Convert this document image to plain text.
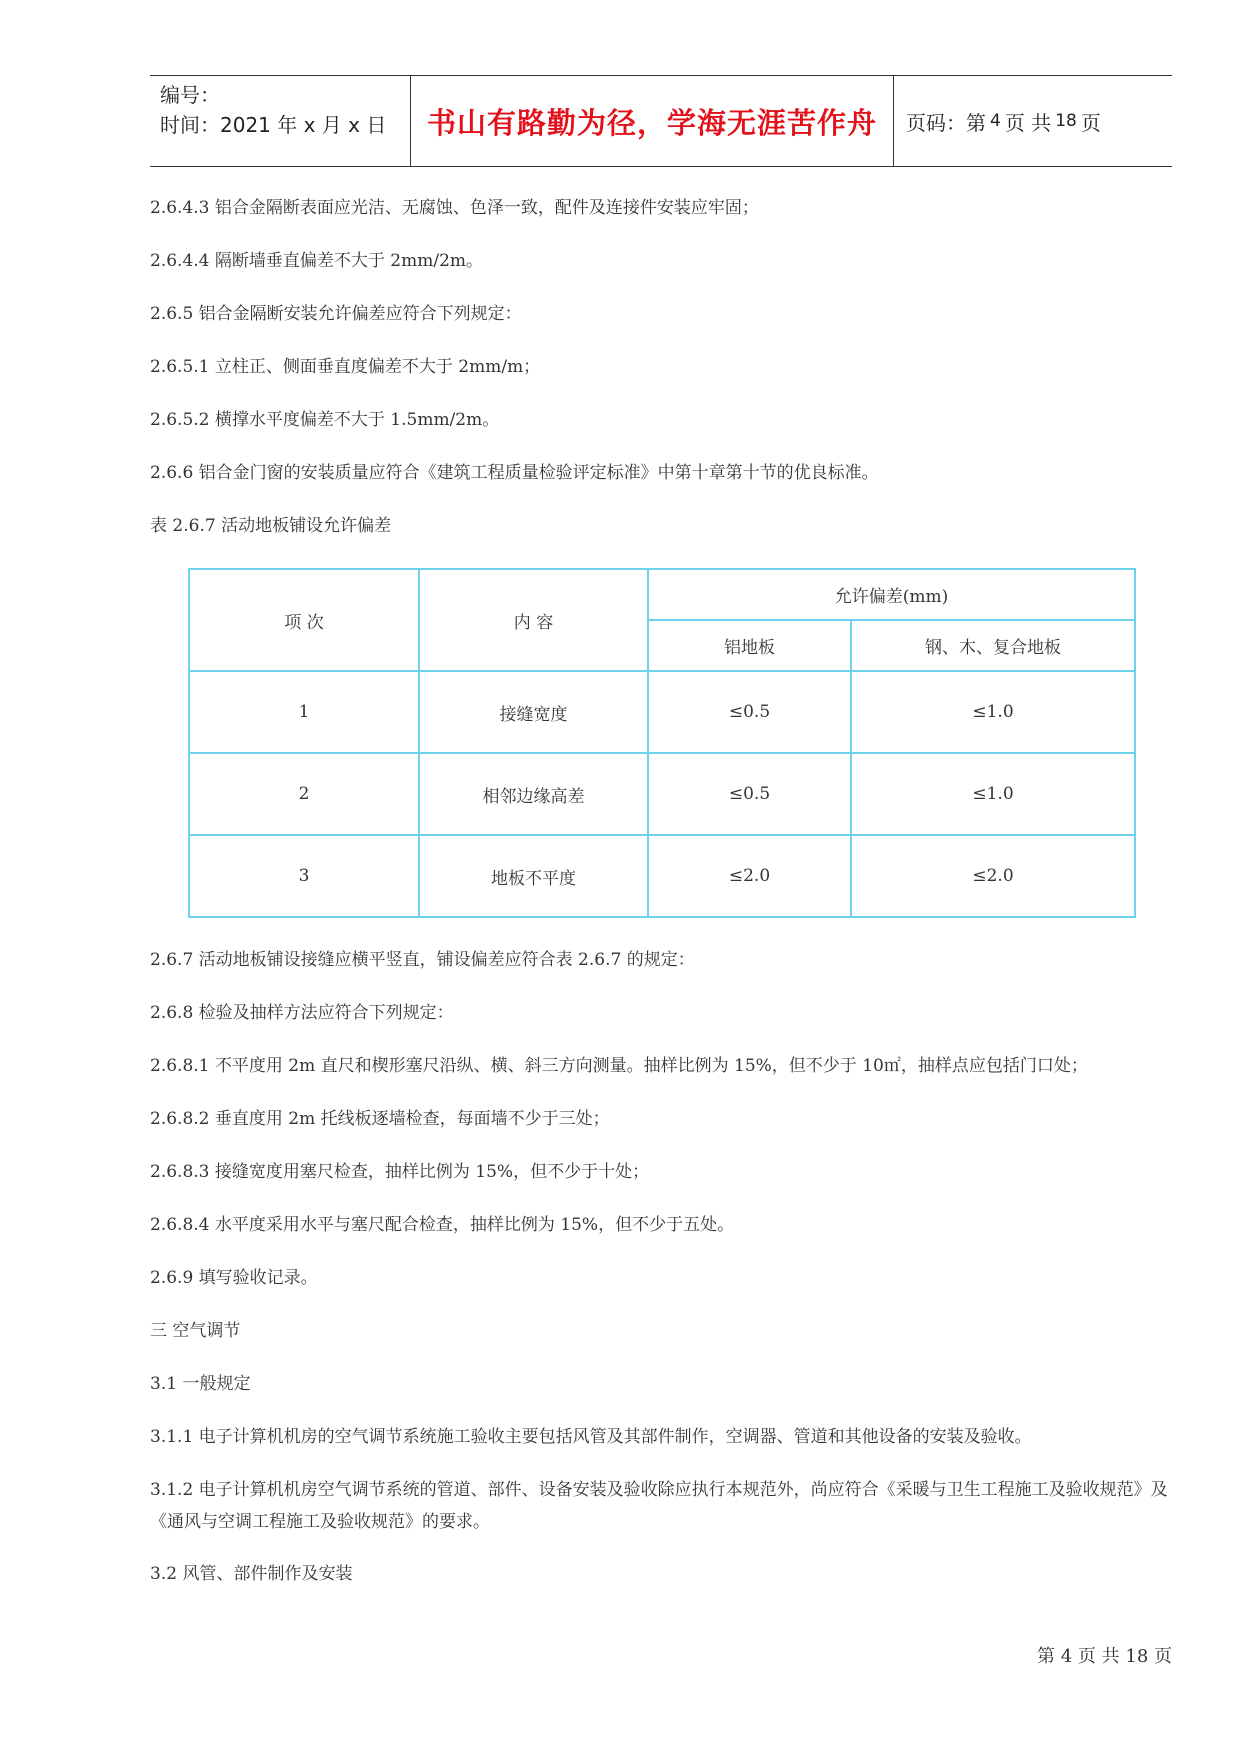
编号：
时间：2021 年 x 月 x 日	书山有路勤为径，学海无涯苦作舟	页码：第 4 页 共 18 页
2.6.4.3 铝合金隔断表面应光洁、无腐蚀、色泽一致，配件及连接件安装应牢固；
2.6.4.4 隔断墙垂直偏差不大于 2mm/2m。
2.6.5 铝合金隔断安装允许偏差应符合下列规定：
2.6.5.1 立柱正、侧面垂直度偏差不大于 2mm/m；
2.6.5.2 横撑水平度偏差不大于 1.5mm/2m。
2.6.6 铝合金门窗的安装质量应符合《建筑工程质量检验评定标准》中第十章第十节的优良标准。
表 2.6.7 活动地板铺设允许偏差
项 次	内 容	允许偏差(mm)	
		铝地板	钢、木、复合地板
1	接缝宽度	≤0.5	≤1.0
2	相邻边缘高差	≤0.5	≤1.0
3	地板不平度	≤2.0	≤2.0
2.6.7 活动地板铺设接缝应横平竖直，铺设偏差应符合表 2.6.7 的规定：
2.6.8 检验及抽样方法应符合下列规定：
2.6.8.1 不平度用 2m 直尺和楔形塞尺沿纵、横、斜三方向测量。抽样比例为 15%，但不少于 10㎡，抽样点应包括门口处；
2.6.8.2 垂直度用 2m 托线板逐墙检查，每面墙不少于三处；
2.6.8.3 接缝宽度用塞尺检查，抽样比例为 15%，但不少于十处；
2.6.8.4 水平度采用水平与塞尺配合检查，抽样比例为 15%，但不少于五处。
2.6.9 填写验收记录。
三 空气调节
3.1 一般规定
3.1.1 电子计算机机房的空气调节系统施工验收主要包括风管及其部件制作，空调器、管道和其他设备的安装及验收。
3.1.2 电子计算机机房空气调节系统的管道、部件、设备安装及验收除应执行本规范外，尚应符合《采暖与卫生工程施工及验收规范》及《通风与空调工程施工及验收规范》的要求。
3.2 风管、部件制作及安装
第 4 页 共 18 页
